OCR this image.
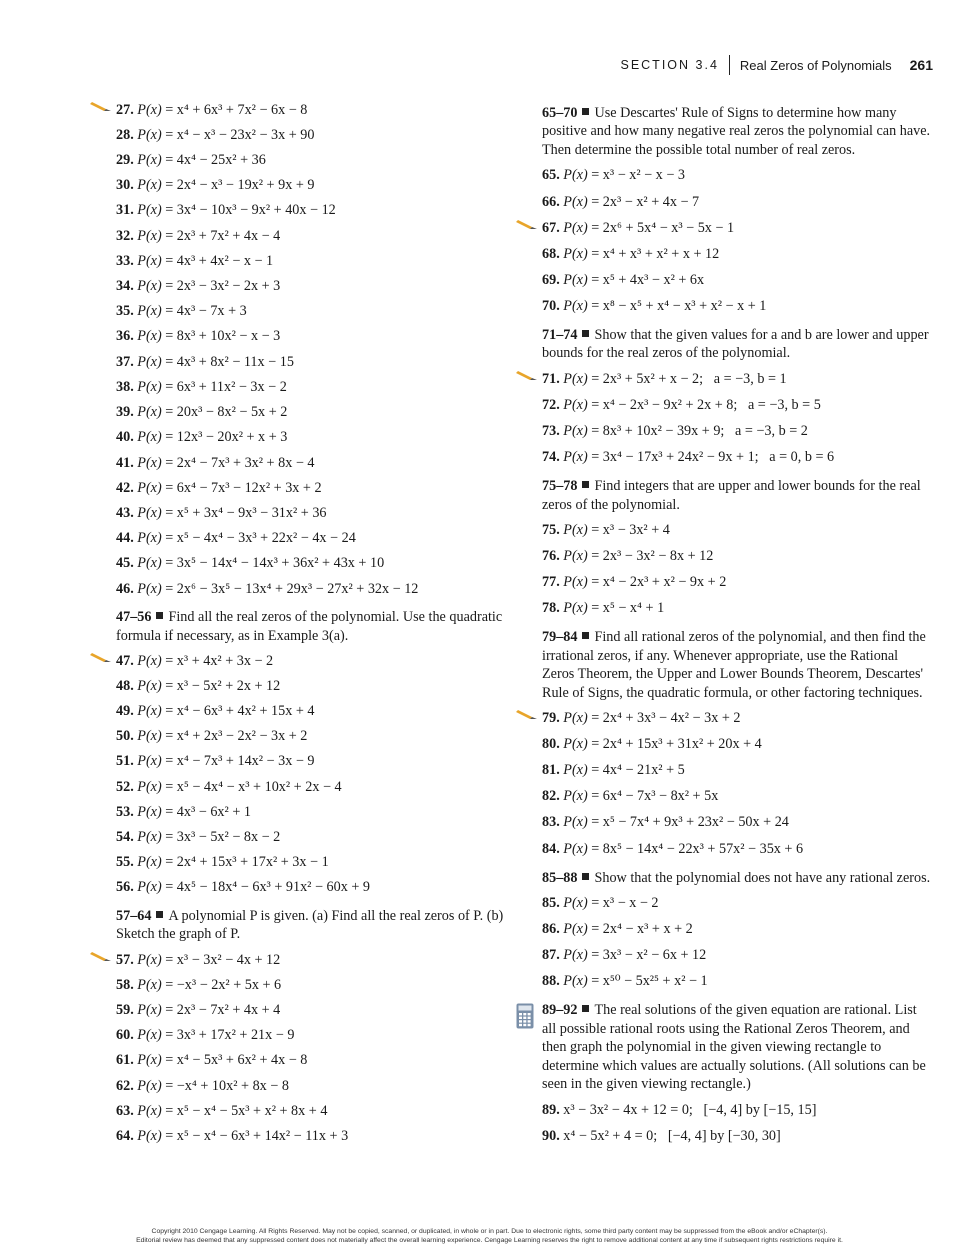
SECTION 3.4 Real Zeros of Polynomials 261
27. P(x) = x⁴ + 6x³ + 7x² − 6x − 8
28. P(x) = x⁴ − x³ − 23x² − 3x + 90
29. P(x) = 4x⁴ − 25x² + 36
30. P(x) = 2x⁴ − x³ − 19x² + 9x + 9
31. P(x) = 3x⁴ − 10x³ − 9x² + 40x − 12
32. P(x) = 2x³ + 7x² + 4x − 4
33. P(x) = 4x³ + 4x² − x − 1
34. P(x) = 2x³ − 3x² − 2x + 3
35. P(x) = 4x³ − 7x + 3
36. P(x) = 8x³ + 10x² − x − 3
37. P(x) = 4x³ + 8x² − 11x − 15
38. P(x) = 6x³ + 11x² − 3x − 2
39. P(x) = 20x³ − 8x² − 5x + 2
40. P(x) = 12x³ − 20x² + x + 3
41. P(x) = 2x⁴ − 7x³ + 3x² + 8x − 4
42. P(x) = 6x⁴ − 7x³ − 12x² + 3x + 2
43. P(x) = x⁵ + 3x⁴ − 9x³ − 31x² + 36
44. P(x) = x⁵ − 4x⁴ − 3x³ + 22x² − 4x − 24
45. P(x) = 3x⁵ − 14x⁴ − 14x³ + 36x² + 43x + 10
46. P(x) = 2x⁶ − 3x⁵ − 13x⁴ + 29x³ − 27x² + 32x − 12
47–56 Find all the real zeros of the polynomial. Use the quadratic formula if necessary, as in Example 3(a).
47. P(x) = x³ + 4x² + 3x − 2
48. P(x) = x³ − 5x² + 2x + 12
49. P(x) = x⁴ − 6x³ + 4x² + 15x + 4
50. P(x) = x⁴ + 2x³ − 2x² − 3x + 2
51. P(x) = x⁴ − 7x³ + 14x² − 3x − 9
52. P(x) = x⁵ − 4x⁴ − x³ + 10x² + 2x − 4
53. P(x) = 4x³ − 6x² + 1
54. P(x) = 3x³ − 5x² − 8x − 2
55. P(x) = 2x⁴ + 15x³ + 17x² + 3x − 1
56. P(x) = 4x⁵ − 18x⁴ − 6x³ + 91x² − 60x + 9
57–64 A polynomial P is given. (a) Find all the real zeros of P. (b) Sketch the graph of P.
57. P(x) = x³ − 3x² − 4x + 12
58. P(x) = −x³ − 2x² + 5x + 6
59. P(x) = 2x³ − 7x² + 4x + 4
60. P(x) = 3x³ + 17x² + 21x − 9
61. P(x) = x⁴ − 5x³ + 6x² + 4x − 8
62. P(x) = −x⁴ + 10x² + 8x − 8
63. P(x) = x⁵ − x⁴ − 5x³ + x² + 8x + 4
64. P(x) = x⁵ − x⁴ − 6x³ + 14x² − 11x + 3
65–70 Use Descartes' Rule of Signs to determine how many positive and how many negative real zeros the polynomial can have. Then determine the possible total number of real zeros.
65. P(x) = x³ − x² − x − 3
66. P(x) = 2x³ − x² + 4x − 7
67. P(x) = 2x⁶ + 5x⁴ − x³ − 5x − 1
68. P(x) = x⁴ + x³ + x² + x + 12
69. P(x) = x⁵ + 4x³ − x² + 6x
70. P(x) = x⁸ − x⁵ + x⁴ − x³ + x² − x + 1
71–74 Show that the given values for a and b are lower and upper bounds for the real zeros of the polynomial.
71. P(x) = 2x³ + 5x² + x − 2;   a = −3, b = 1
72. P(x) = x⁴ − 2x³ − 9x² + 2x + 8;   a = −3, b = 5
73. P(x) = 8x³ + 10x² − 39x + 9;   a = −3, b = 2
74. P(x) = 3x⁴ − 17x³ + 24x² − 9x + 1;   a = 0, b = 6
75–78 Find integers that are upper and lower bounds for the real zeros of the polynomial.
75. P(x) = x³ − 3x² + 4
76. P(x) = 2x³ − 3x² − 8x + 12
77. P(x) = x⁴ − 2x³ + x² − 9x + 2
78. P(x) = x⁵ − x⁴ + 1
79–84 Find all rational zeros of the polynomial, and then find the irrational zeros, if any. Whenever appropriate, use the Rational Zeros Theorem, the Upper and Lower Bounds Theorem, Descartes' Rule of Signs, the quadratic formula, or other factoring techniques.
79. P(x) = 2x⁴ + 3x³ − 4x² − 3x + 2
80. P(x) = 2x⁴ + 15x³ + 31x² + 20x + 4
81. P(x) = 4x⁴ − 21x² + 5
82. P(x) = 6x⁴ − 7x³ − 8x² + 5x
83. P(x) = x⁵ − 7x⁴ + 9x³ + 23x² − 50x + 24
84. P(x) = 8x⁵ − 14x⁴ − 22x³ + 57x² − 35x + 6
85–88 Show that the polynomial does not have any rational zeros.
85. P(x) = x³ − x − 2
86. P(x) = 2x⁴ − x³ + x + 2
87. P(x) = 3x³ − x² − 6x + 12
88. P(x) = x⁵⁰ − 5x²⁵ + x² − 1
89–92 The real solutions of the given equation are rational. List all possible rational roots using the Rational Zeros Theorem, and then graph the polynomial in the given viewing rectangle to determine which values are actually solutions. (All solutions can be seen in the given viewing rectangle.)
89. x³ − 3x² − 4x + 12 = 0;   [−4, 4] by [−15, 15]
90. x⁴ − 5x² + 4 = 0;   [−4, 4] by [−30, 30]
Copyright 2010 Cengage Learning. All Rights Reserved. May not be copied, scanned, or duplicated, in whole or in part. Due to electronic rights, some third party content may be suppressed from the eBook and/or eChapter(s).
Editorial review has deemed that any suppressed content does not materially affect the overall learning experience. Cengage Learning reserves the right to remove additional content at any time if subsequent rights restrictions require it.
